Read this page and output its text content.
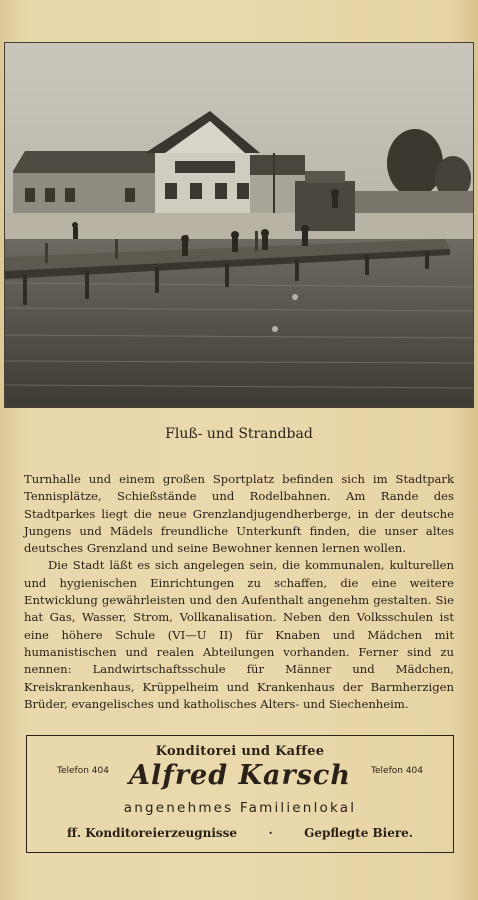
Fluß- und Strandbad

Turnhalle und einem großen Sportplatz befinden sich im Stadtpark Tennisplätze, Schießstände und Rodelbahnen. Am Rande des Stadtparkes liegt die neue Grenzlandjugendherberge, in der deutsche Jungens und Mädels freundliche Unterkunft finden, die unser altes deutsches Grenzland und seine Bewohner kennen lernen wollen.

Die Stadt läßt es sich angelegen sein, die kommunalen, kulturellen und hygienischen Einrichtungen zu schaffen, die eine weitere Entwicklung gewährleisten und den Aufenthalt angenehm gestalten. Sie hat Gas, Wasser, Strom, Vollkanalisation. Neben den Volksschulen ist eine höhere Schule (VI—U II) für Knaben und Mädchen mit humanistischen und realen Abteilungen vorhanden. Ferner sind zu nennen: Landwirtschaftsschule für Männer und Mädchen, Kreiskrankenhaus, Krüppelheim und Krankenhaus der Barmherzigen Brüder, evangelisches und katholisches Alters- und Siechenheim.

Konditorei und Kaffee
Telefon 404	Telefon 404
Alfred Karsch
angenehmes Familienlokal
ff. Konditoreierzeugnisse	·	Gepflegte Biere.
